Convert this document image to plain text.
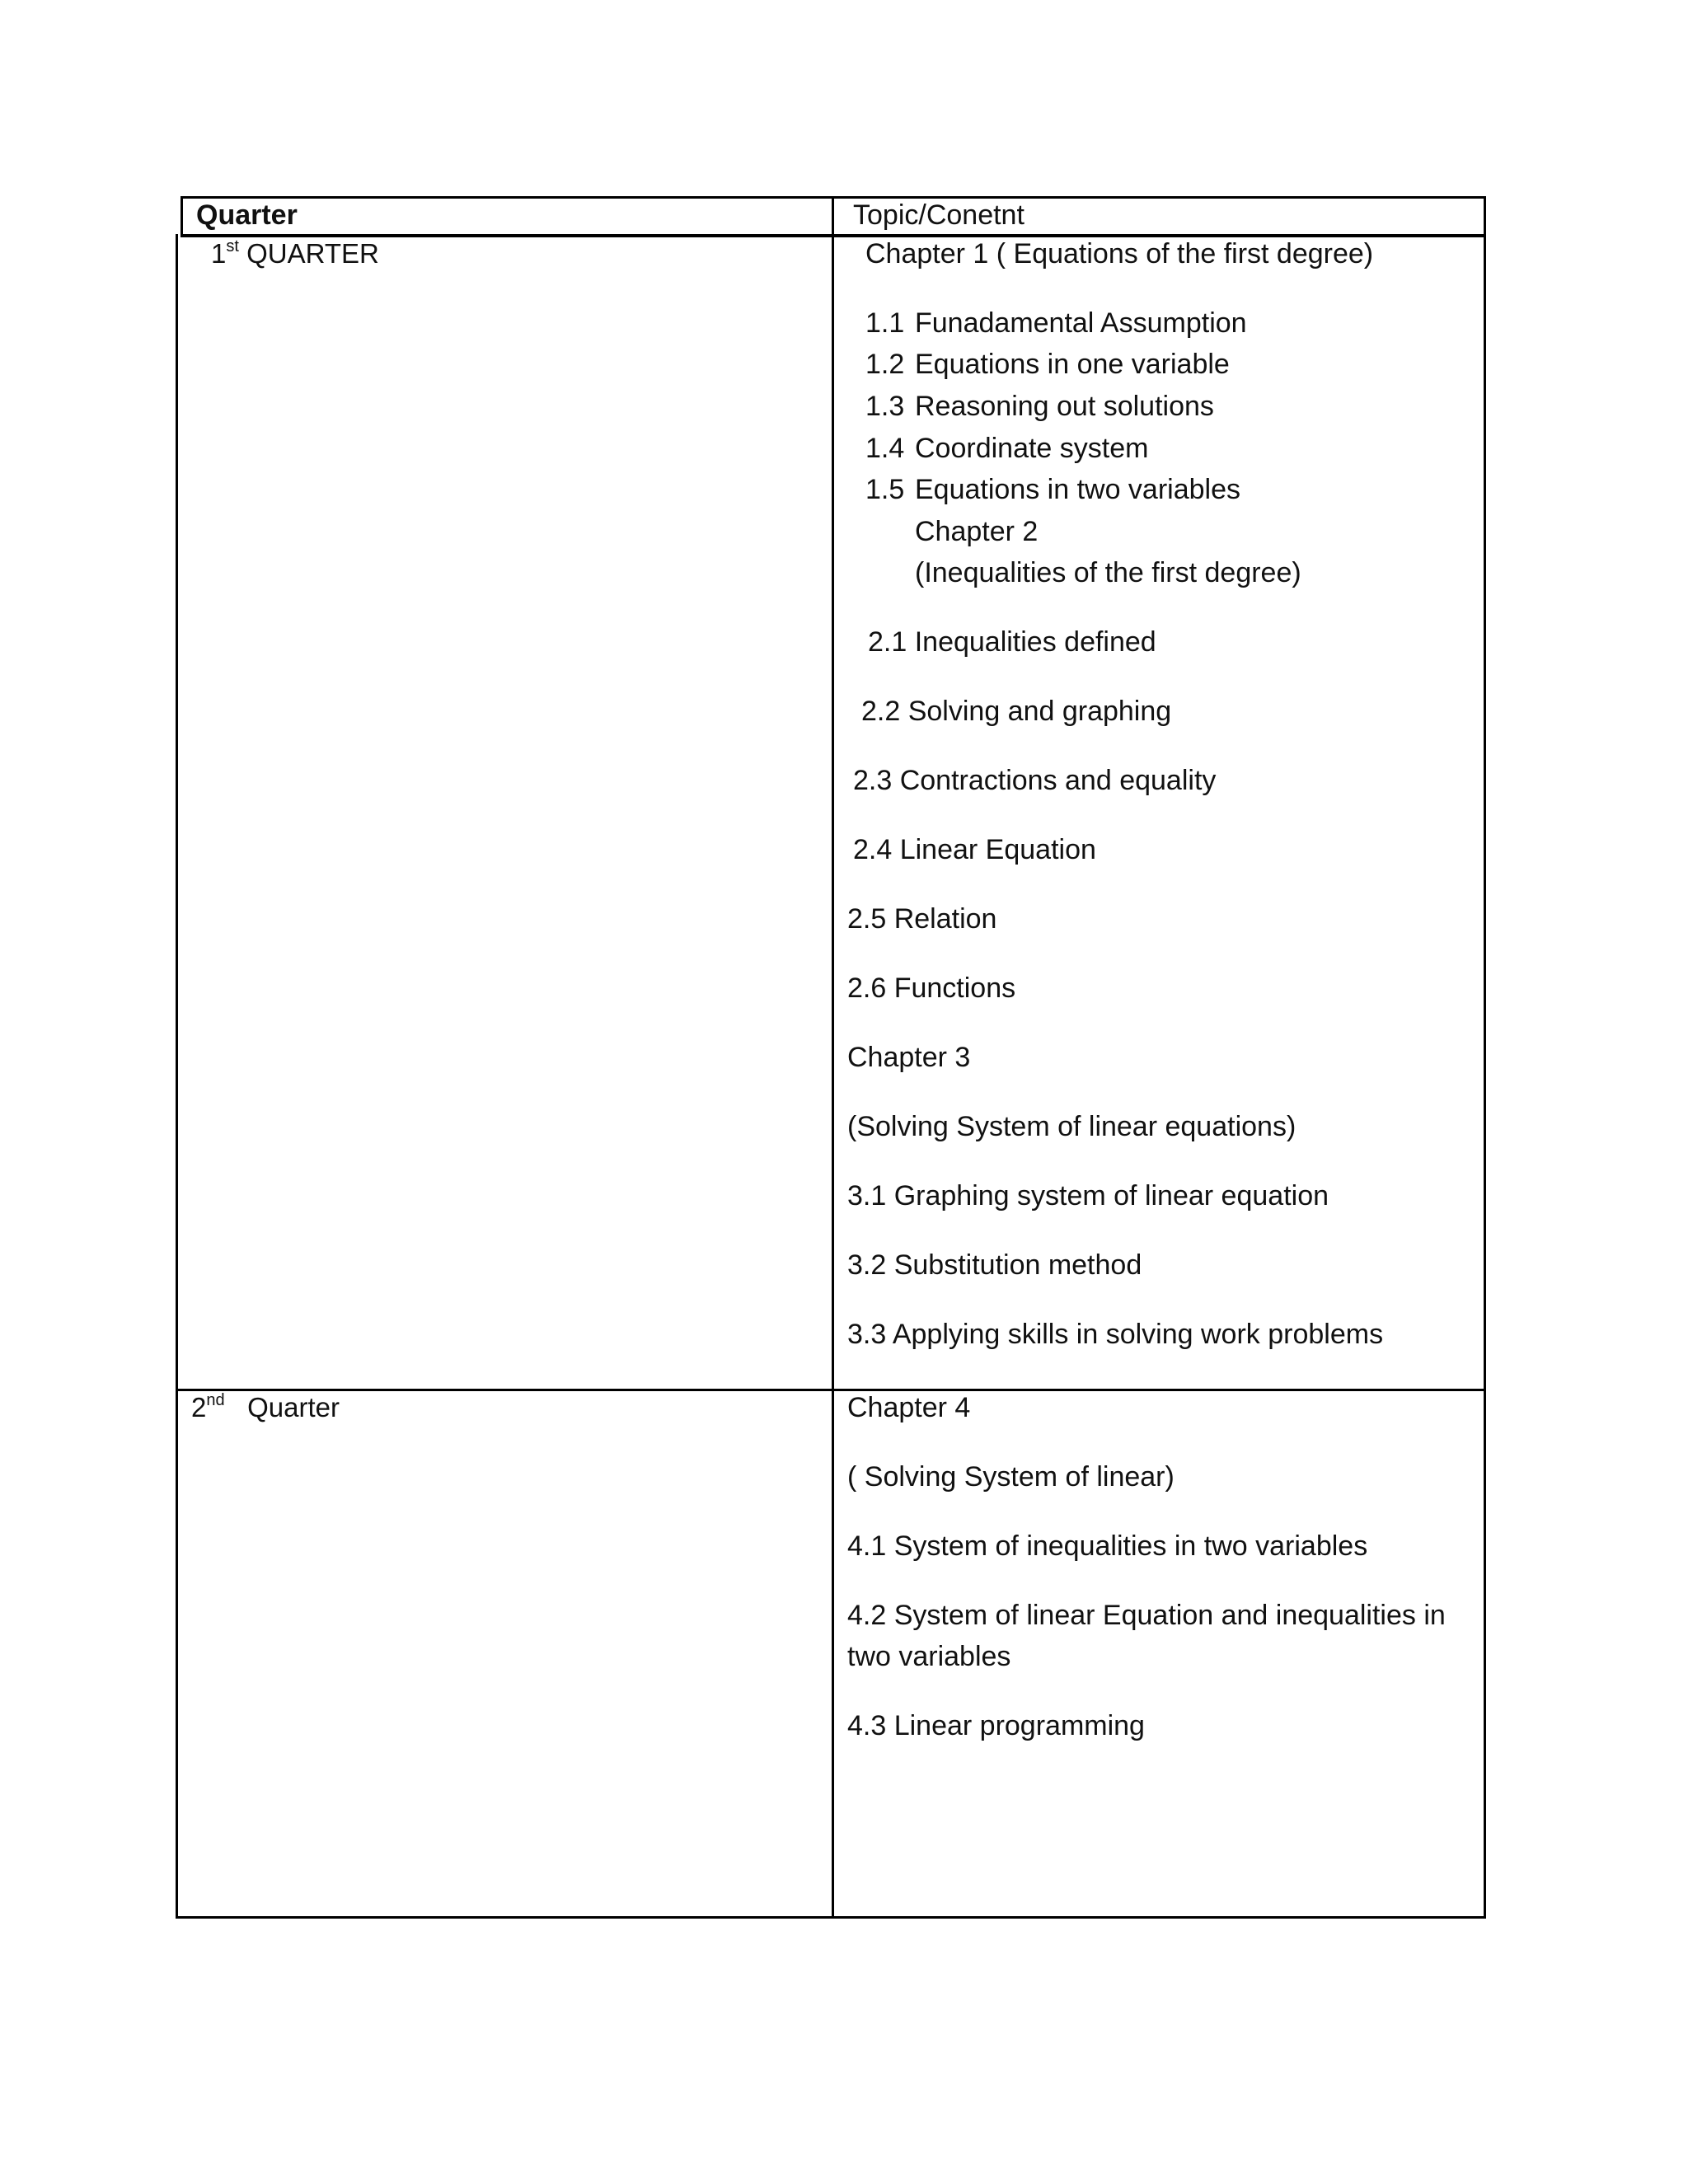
Quarter	Topic/Conetnt
1st QUARTER	Chapter 1 ( Equations of the first degree)
1.1 Funadamental Assumption
1.2 Equations in one variable
1.3 Reasoning out solutions
1.4 Coordinate system
1.5 Equations in two variables
Chapter 2
(Inequalities of the first degree)
2.1 Inequalities defined
2.2 Solving and graphing
2.3 Contractions and equality
2.4 Linear Equation
2.5 Relation
2.6 Functions
Chapter 3
(Solving System of linear equations)
3.1 Graphing system of linear equation
3.2 Substitution method
3.3 Applying skills in solving work problems
2nd Quarter	Chapter 4
( Solving System of linear)
4.1 System of inequalities in two variables
4.2 System of linear Equation and inequalities in
two variables
4.3 Linear programming
